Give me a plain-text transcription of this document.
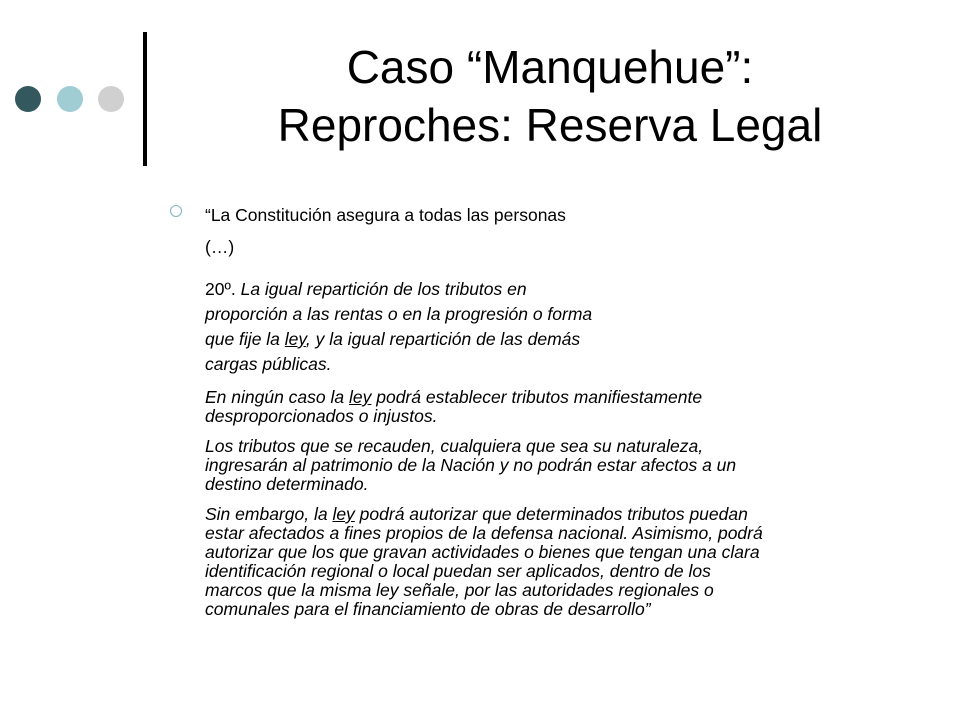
Caso “Manquehue”:
Reproches: Reserva Legal
“La Constitución asegura a todas las personas
(…)
20º. La igual repartición de los tributos en
proporción a las rentas o en la progresión o forma
que fije la ley, y la igual repartición de las demás
cargas públicas.
En ningún caso la ley podrá establecer tributos manifiestamente
desproporcionados o injustos.
Los tributos que se recauden, cualquiera que sea su naturaleza,
ingresarán al patrimonio de la Nación y no podrán estar afectos a un
destino determinado.
Sin embargo, la ley podrá autorizar que determinados tributos puedan
estar afectados a fines propios de la defensa nacional. Asimismo, podrá
autorizar que los que gravan actividades o bienes que tengan una clara
identificación regional o local puedan ser aplicados, dentro de los
marcos que la misma ley señale, por las autoridades regionales o
comunales para el financiamiento de obras de desarrollo”
